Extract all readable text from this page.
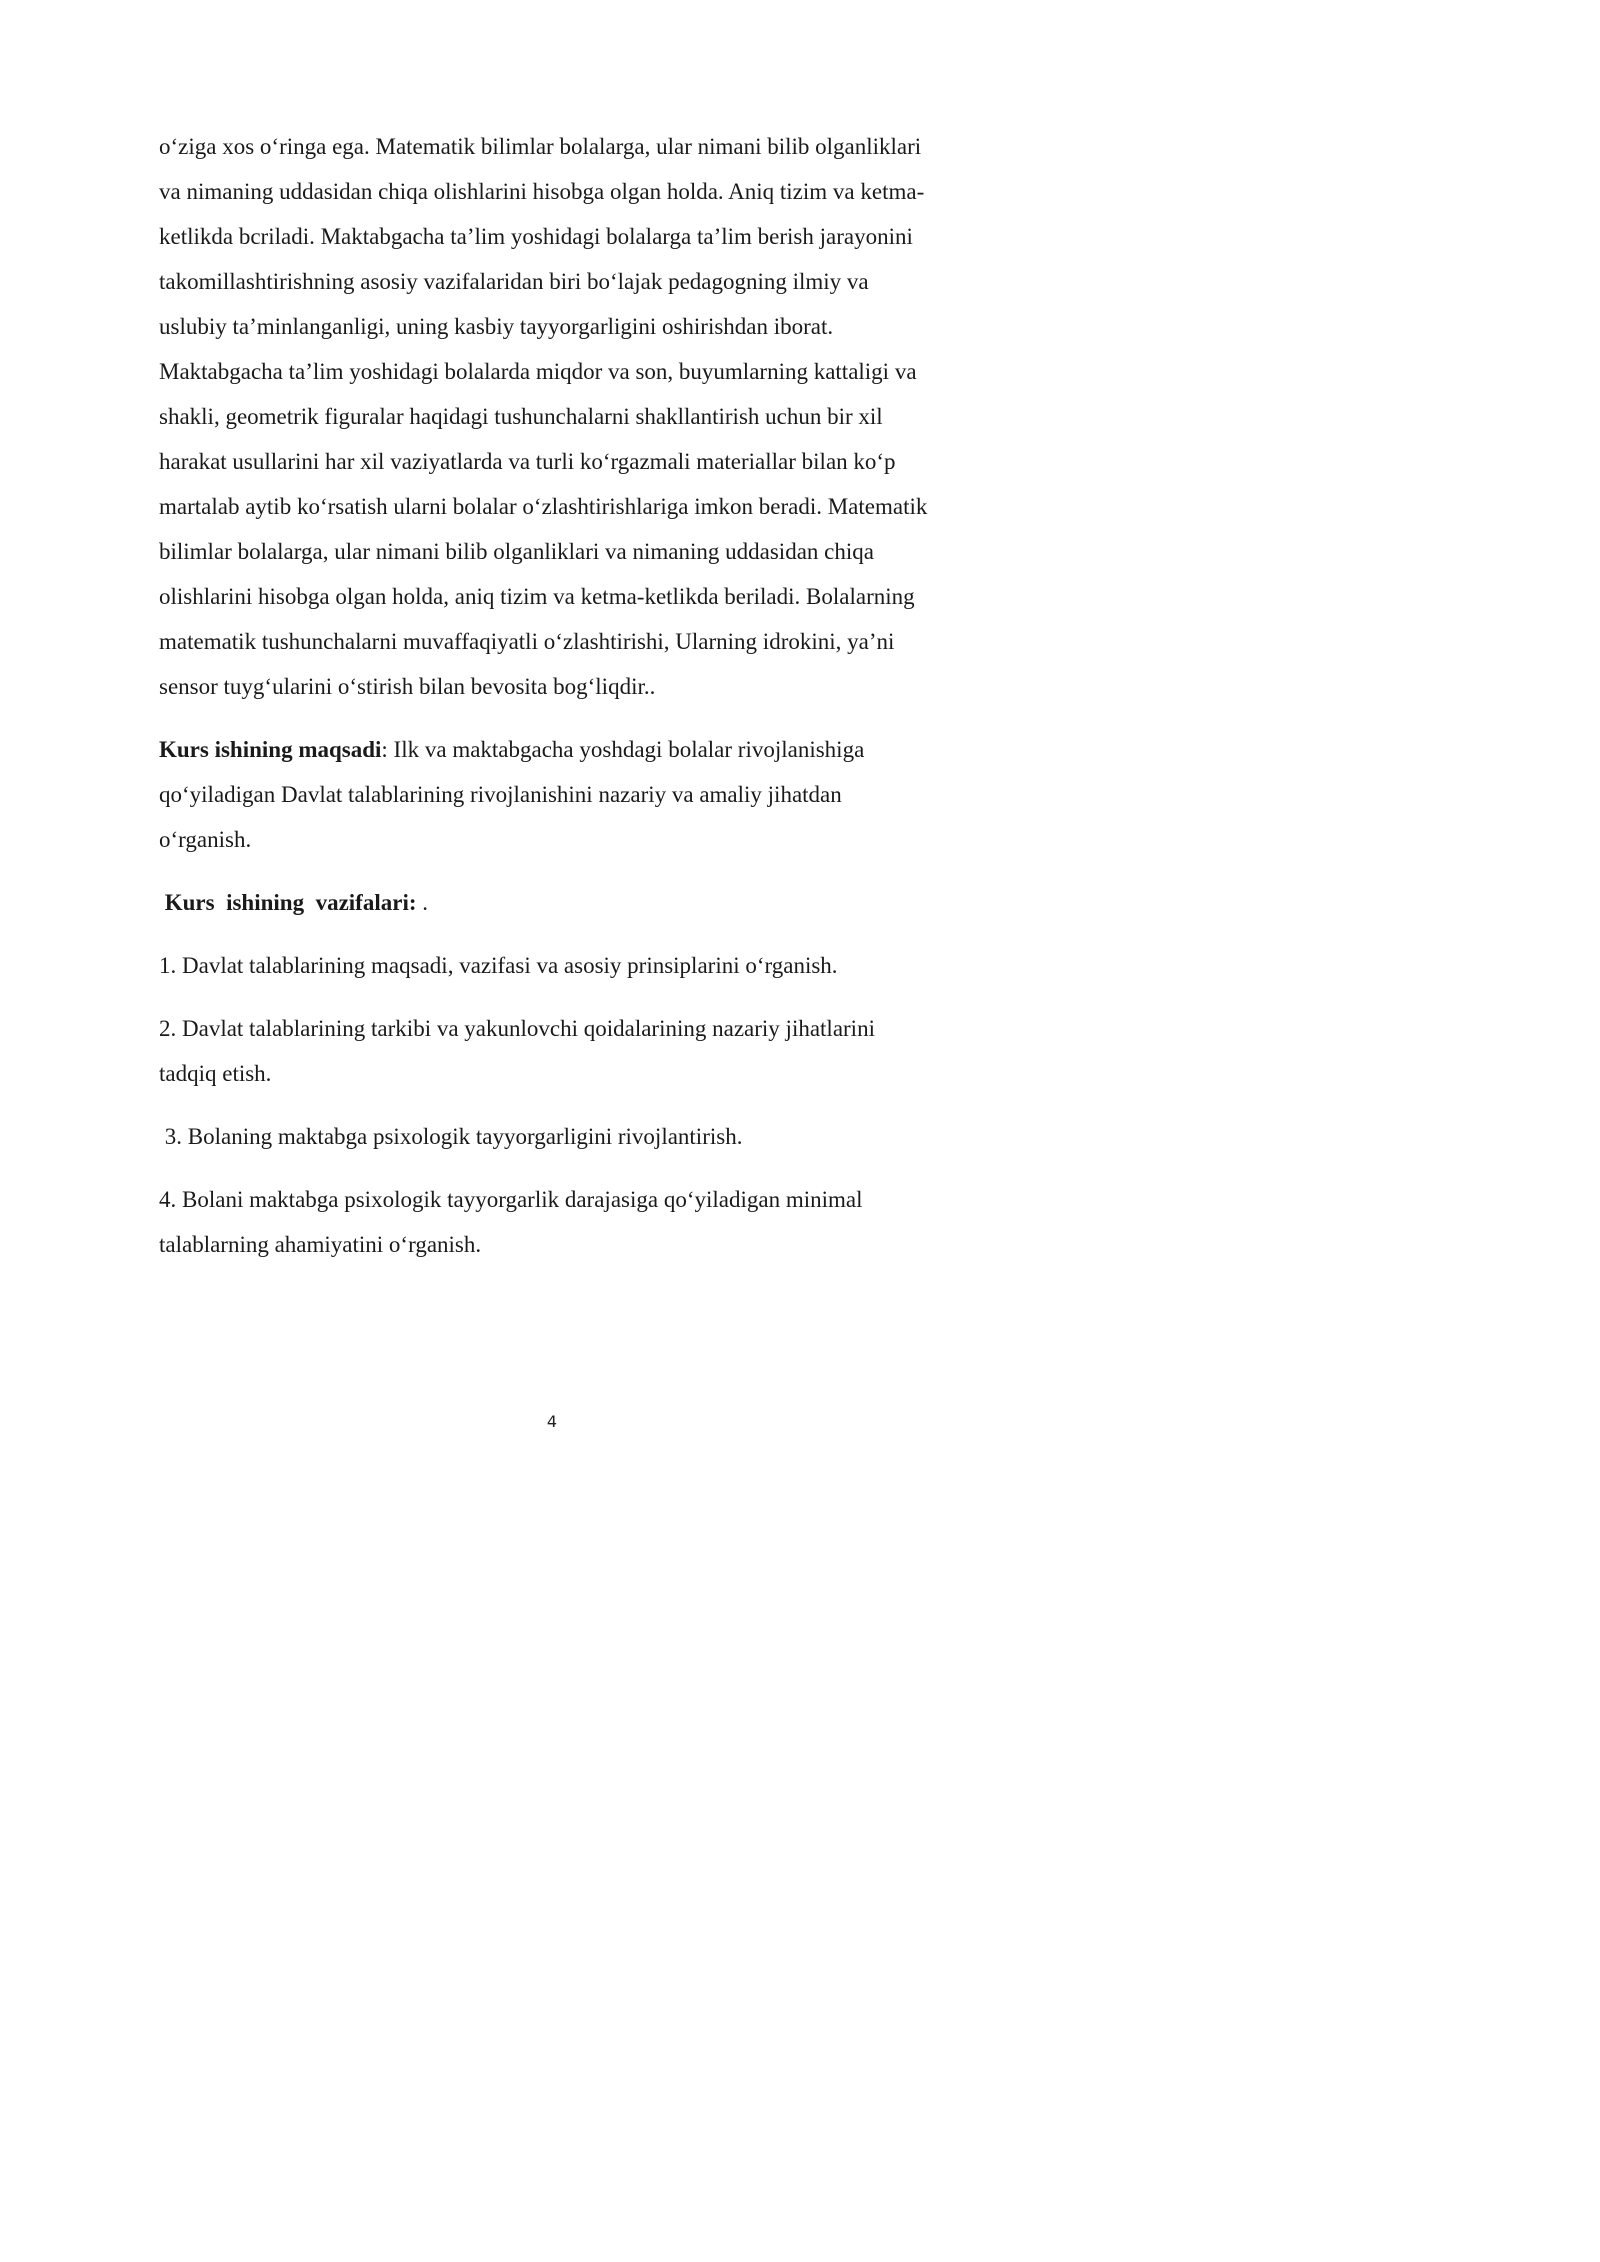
o‘ziga xos o‘ringa ega. Matematik bilimlar bolalarga, ular nimani bilib olganliklari
va nimaning uddasidan chiqa olishlarini hisobga olgan holda. Aniq tizim va ketma-
ketlikda bcriladi. Maktabgacha ta’lim yoshidagi bolalarga ta’lim berish jarayonini
takomillashtirishning asosiy vazifalaridan biri bo‘lajak pedagogning ilmiy va
uslubiy ta’minlanganligi, uning kasbiy tayyorgarligini oshirishdan iborat.
Maktabgacha ta’lim yoshidagi bolalarda miqdor va son, buyumlarning kattaligi va
shakli, geometrik figuralar haqidagi tushunchalarni shakllantirish uchun bir xil
harakat usullarini har xil vaziyatlarda va turli ko‘rgazmali materiallar bilan ko‘p
martalab aytib ko‘rsatish ularni bolalar o‘zlashtirishlariga imkon beradi. Matematik
bilimlar bolalarga, ular nimani bilib olganliklari va nimaning uddasidan chiqa
olishlarini hisobga olgan holda, aniq tizim va ketma-ketlikda beriladi. Bolalarning
matematik tushunchalarni muvaffaqiyatli o‘zlashtirishi, Ularning idrokini, ya’ni
sensor tuyg‘ularini o‘stirish bilan bevosita bog‘liqdir..
Kurs ishining maqsadi: Ilk va maktabgacha yoshdagi bolalar rivojlanishiga
qo‘yiladigan Davlat talablarining rivojlanishini nazariy va amaliy jihatdan
o‘rganish.
Kurs  ishining  vazifalari: .
1. Davlat talablarining maqsadi, vazifasi va asosiy prinsiplarini o‘rganish.
2. Davlat talablarining tarkibi va yakunlovchi qoidalarining nazariy jihatlarini
tadqiq etish.
3. Bolaning maktabga psixologik tayyorgarligini rivojlantirish.
4. Bolani maktabga psixologik tayyorgarlik darajasiga qo‘yiladigan minimal
talablarning ahamiyatini o‘rganish.
4
